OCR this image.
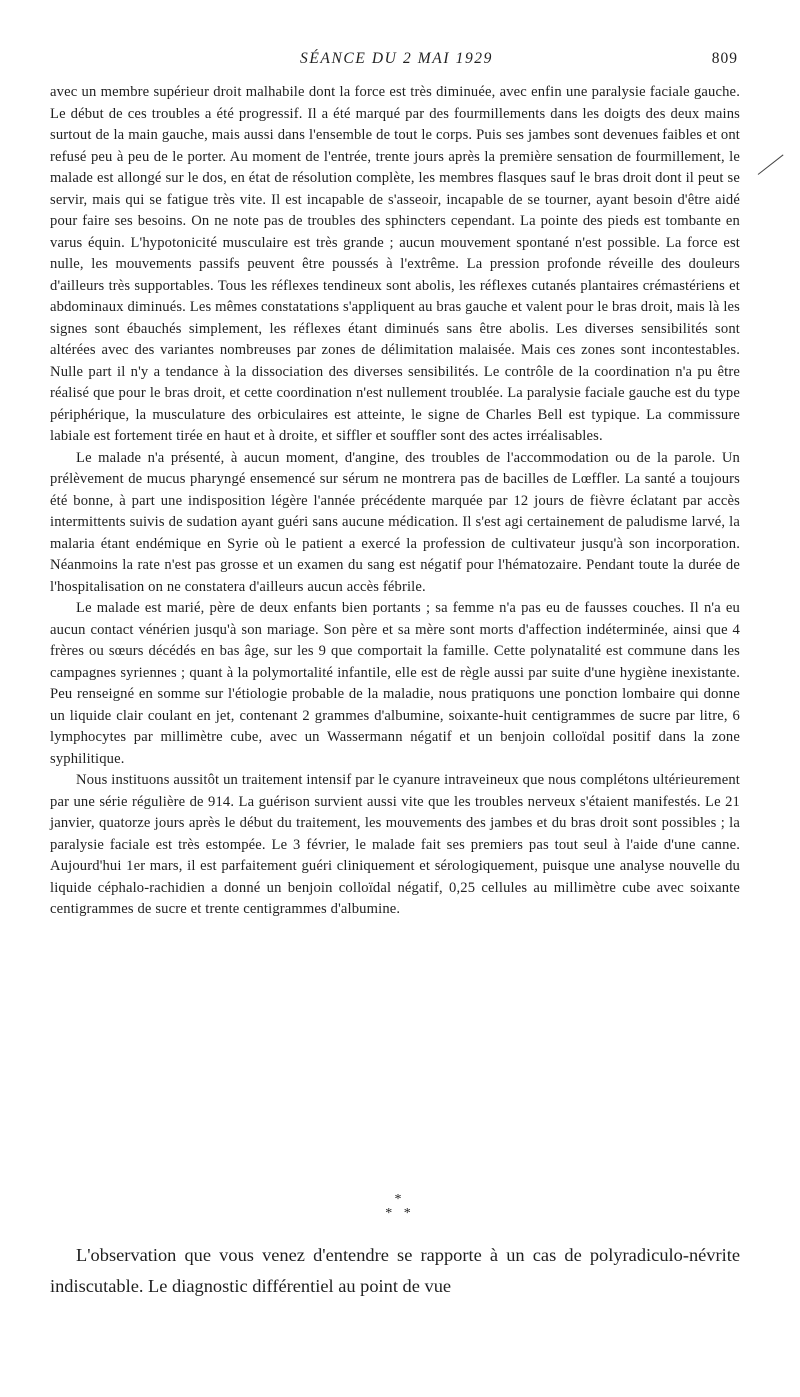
SÉANCE DU 2 MAI 1929	809

avec un membre supérieur droit malhabile dont la force est très diminuée, avec enfin une paralysie faciale gauche. Le début de ces troubles a été progressif. Il a été marqué par des fourmillements dans les doigts des deux mains surtout de la main gauche, mais aussi dans l'ensemble de tout le corps. Puis ses jambes sont devenues faibles et ont refusé peu à peu de le porter. Au moment de l'entrée, trente jours après la première sensation de fourmillement, le malade est allongé sur le dos, en état de résolution complète, les membres flasques sauf le bras droit dont il peut se servir, mais qui se fatigue très vite. Il est incapable de s'asseoir, incapable de se tourner, ayant besoin d'être aidé pour faire ses besoins. On ne note pas de troubles des sphincters cependant. La pointe des pieds est tombante en varus équin. L'hypotonicité musculaire est très grande ; aucun mouvement spontané n'est possible. La force est nulle, les mouvements passifs peuvent être poussés à l'extrême. La pression profonde réveille des douleurs d'ailleurs très supportables. Tous les réflexes tendineux sont abolis, les réflexes cutanés plantaires crémastériens et abdominaux diminués. Les mêmes constatations s'appliquent au bras gauche et valent pour le bras droit, mais là les signes sont ébauchés simplement, les réflexes étant diminués sans être abolis. Les diverses sensibilités sont altérées avec des variantes nombreuses par zones de délimitation malaisée. Mais ces zones sont incontestables. Nulle part il n'y a tendance à la dissociation des diverses sensibilités. Le contrôle de la coordination n'a pu être réalisé que pour le bras droit, et cette coordination n'est nullement troublée. La paralysie faciale gauche est du type périphérique, la musculature des orbiculaires est atteinte, le signe de Charles Bell est typique. La commissure labiale est fortement tirée en haut et à droite, et siffler et souffler sont des actes irréalisables.

Le malade n'a présenté, à aucun moment, d'angine, des troubles de l'accommodation ou de la parole. Un prélèvement de mucus pharyngé ensemencé sur sérum ne montrera pas de bacilles de Lœffler. La santé a toujours été bonne, à part une indisposition légère l'année précédente marquée par 12 jours de fièvre éclatant par accès intermittents suivis de sudation ayant guéri sans aucune médication. Il s'est agi certainement de paludisme larvé, la malaria étant endémique en Syrie où le patient a exercé la profession de cultivateur jusqu'à son incorporation. Néanmoins la rate n'est pas grosse et un examen du sang est négatif pour l'hématozaire. Pendant toute la durée de l'hospitalisation on ne constatera d'ailleurs aucun accès fébrile.

Le malade est marié, père de deux enfants bien portants ; sa femme n'a pas eu de fausses couches. Il n'a eu aucun contact vénérien jusqu'à son mariage. Son père et sa mère sont morts d'affection indéterminée, ainsi que 4 frères ou sœurs décédés en bas âge, sur les 9 que comportait la famille. Cette polynatalité est commune dans les campagnes syriennes ; quant à la polymortalité infantile, elle est de règle aussi par suite d'une hygiène inexistante. Peu renseigné en somme sur l'étiologie probable de la maladie, nous pratiquons une ponction lombaire qui donne un liquide clair coulant en jet, contenant 2 grammes d'albumine, soixante-huit centigrammes de sucre par litre, 6 lymphocytes par millimètre cube, avec un Wassermann négatif et un benjoin colloïdal positif dans la zone syphilitique.

Nous instituons aussitôt un traitement intensif par le cyanure intraveineux que nous complétons ultérieurement par une série régulière de 914. La guérison survient aussi vite que les troubles nerveux s'étaient manifestés. Le 21 janvier, quatorze jours après le début du traitement, les mouvements des jambes et du bras droit sont possibles ; la paralysie faciale est très estompée. Le 3 février, le malade fait ses premiers pas tout seul à l'aide d'une canne. Aujourd'hui 1er mars, il est parfaitement guéri cliniquement et sérologiquement, puisque une analyse nouvelle du liquide céphalo-rachidien a donné un benjoin colloïdal négatif, 0,25 cellules au millimètre cube avec soixante centigrammes de sucre et trente centigrammes d'albumine.

*
* *

L'observation que vous venez d'entendre se rapporte à un cas de polyradiculo-névrite indiscutable. Le diagnostic différentiel au point de vue
